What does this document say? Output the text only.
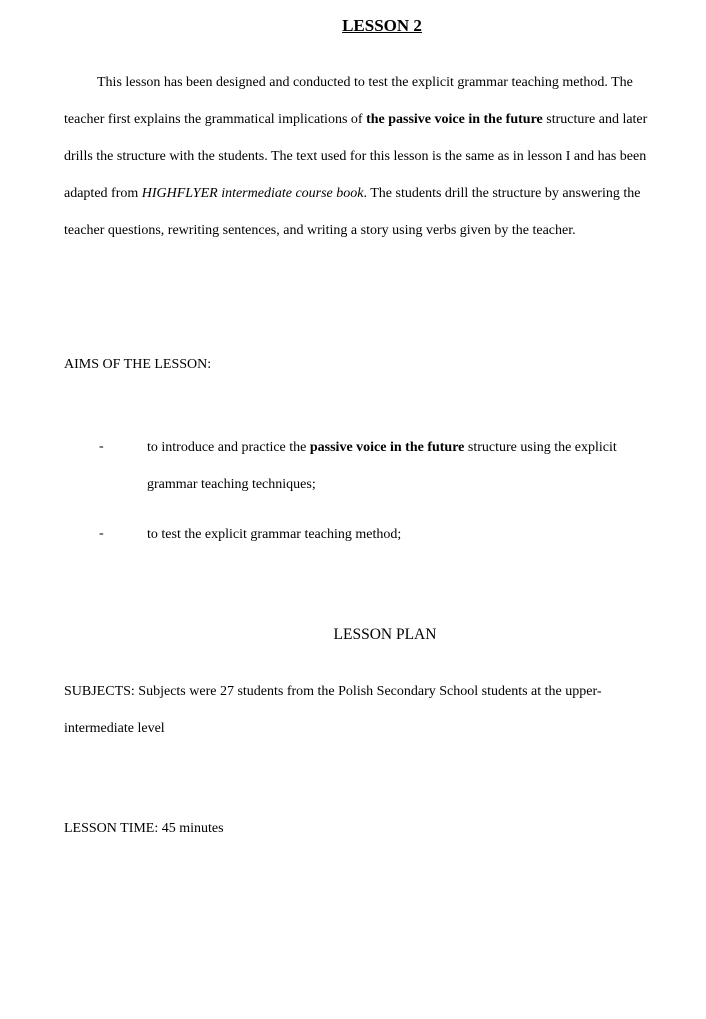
LESSON 2
This lesson has been designed and conducted to test the explicit grammar teaching method. The teacher first explains the grammatical implications of the passive voice in the future structure and later drills the structure with the students. The text used for this lesson is the same as in lesson I and has been adapted from HIGHFLYER intermediate course book. The students drill the structure by answering the teacher questions, rewriting sentences, and writing a story using verbs given by the teacher.
AIMS OF THE LESSON:
-	to introduce and practice the passive voice in the future structure using the explicit grammar teaching techniques;
-	to test the explicit grammar teaching method;
LESSON PLAN
SUBJECTS: Subjects were 27 students from the Polish Secondary School students at the upper- intermediate level
LESSON TIME: 45 minutes
